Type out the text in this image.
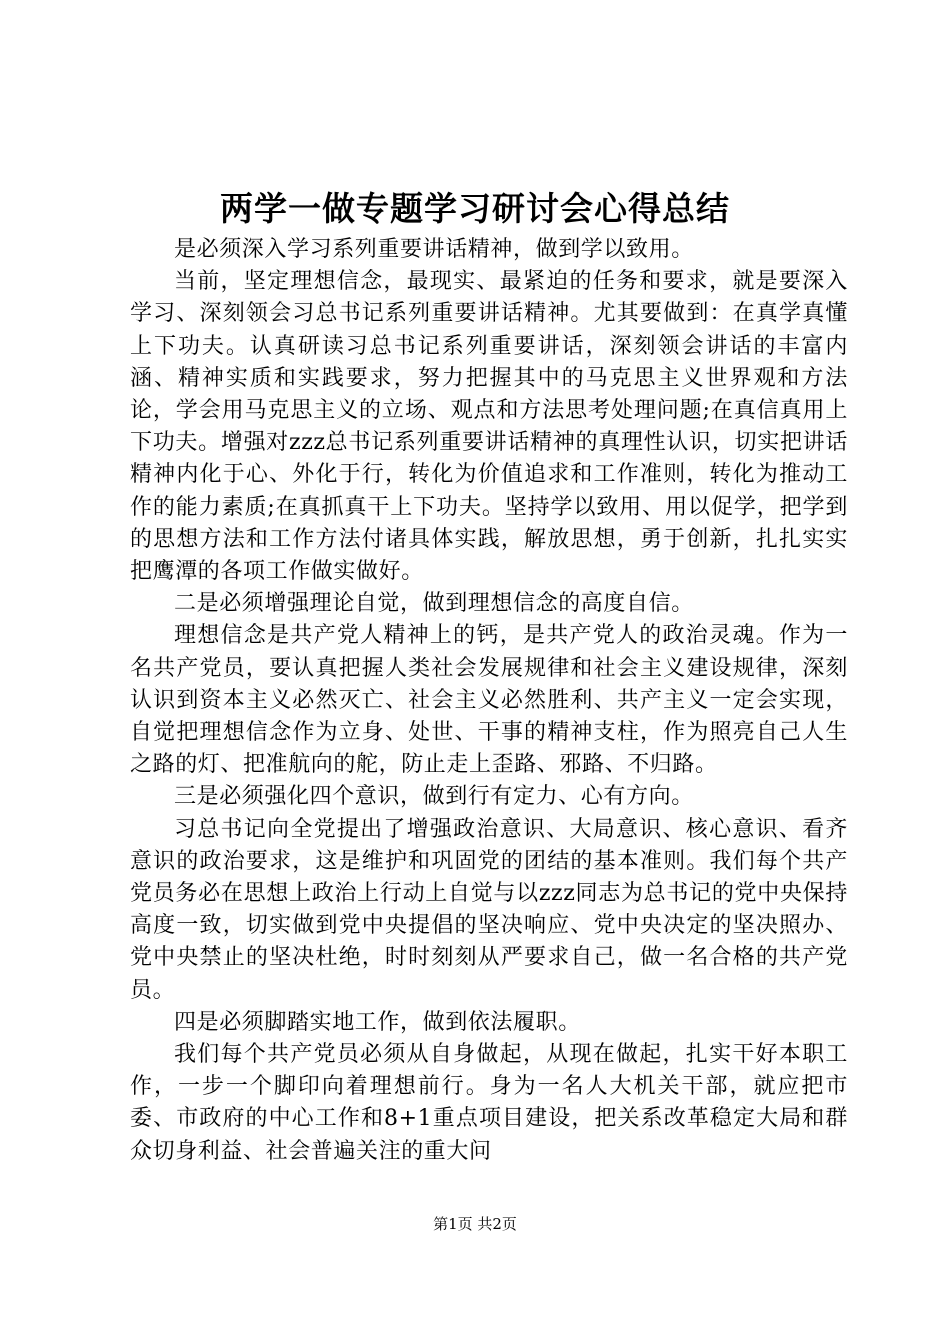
两学一做专题学习研讨会心得总结

是必须深入学习系列重要讲话精神，做到学以致用。

当前，坚定理想信念，最现实、最紧迫的任务和要求，就是要深入学习、深刻领会习总书记系列重要讲话精神。尤其要做到：在真学真懂上下功夫。认真研读习总书记系列重要讲话，深刻领会讲话的丰富内涵、精神实质和实践要求，努力把握其中的马克思主义世界观和方法论，学会用马克思主义的立场、观点和方法思考处理问题;在真信真用上下功夫。增强对zzz总书记系列重要讲话精神的真理性认识，切实把讲话精神内化于心、外化于行，转化为价值追求和工作准则，转化为推动工作的能力素质;在真抓真干上下功夫。坚持学以致用、用以促学，把学到的思想方法和工作方法付诸具体实践，解放思想，勇于创新，扎扎实实把鹰潭的各项工作做实做好。

二是必须增强理论自觉，做到理想信念的高度自信。

理想信念是共产党人精神上的钙，是共产党人的政治灵魂。作为一名共产党员，要认真把握人类社会发展规律和社会主义建设规律，深刻认识到资本主义必然灭亡、社会主义必然胜利、共产主义一定会实现，自觉把理想信念作为立身、处世、干事的精神支柱，作为照亮自己人生之路的灯、把准航向的舵，防止走上歪路、邪路、不归路。

三是必须强化四个意识，做到行有定力、心有方向。

习总书记向全党提出了增强政治意识、大局意识、核心意识、看齐意识的政治要求，这是维护和巩固党的团结的基本准则。我们每个共产党员务必在思想上政治上行动上自觉与以zzz同志为总书记的党中央保持高度一致，切实做到党中央提倡的坚决响应、党中央决定的坚决照办、党中央禁止的坚决杜绝，时时刻刻从严要求自己，做一名合格的共产党员。

四是必须脚踏实地工作，做到依法履职。

我们每个共产党员必须从自身做起，从现在做起，扎实干好本职工作，一步一个脚印向着理想前行。身为一名人大机关干部，就应把市委、市政府的中心工作和8+1重点项目建设，把关系改革稳定大局和群众切身利益、社会普遍关注的重大问

第1页 共2页
